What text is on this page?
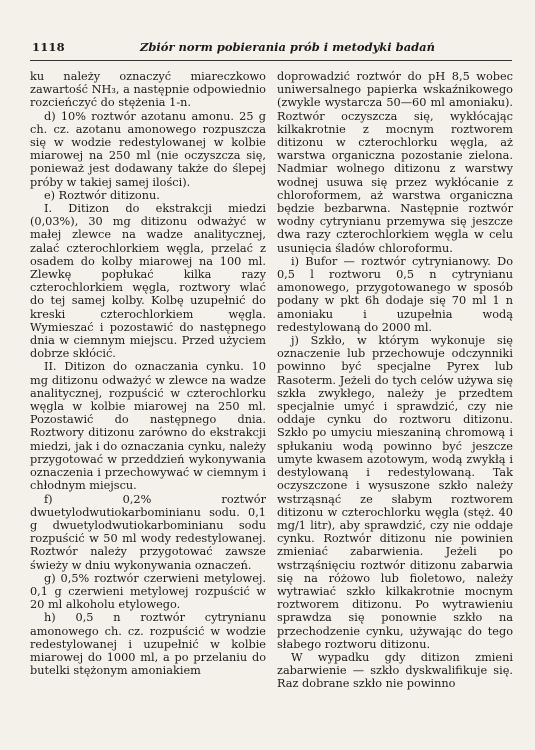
1118	Zbiór norm pobierania prób i metodyki badań

ku należy oznaczyć miareczkowo zawartość NH₃, a następnie odpowiednio rozcieńczyć do stężenia 1-n.

d) 10% roztwór azotanu amonu. 25 g ch. cz. azotanu amonowego rozpuszcza się w wodzie redestylowanej w kolbie miarowej na 250 ml (nie oczyszcza się, ponieważ jest dodawany także do ślepej próby w takiej samej ilości).

e) Roztwór ditizonu.

I. Ditizon do ekstrakcji miedzi (0,03%), 30 mg ditizonu odważyć w małej zlewce na wadze analitycznej, zalać czterochlorkiem węgla, przelać z osadem do kolby miarowej na 100 ml. Zlewkę popłukać kilka razy czterochlorkiem węgla, roztwory wlać do tej samej kolby. Kolbę uzupełnić do kreski czterochlorkiem węgla. Wymieszać i pozostawić do następnego dnia w ciemnym miejscu. Przed użyciem dobrze skłócić.

II. Ditizon do oznaczania cynku. 10 mg ditizonu odważyć w zlewce na wadze analitycznej, rozpuścić w czterochlorku węgla w kolbie miarowej na 250 ml. Pozostawić do następnego dnia. Roztwory ditizonu zarówno do ekstrakcji miedzi, jak i do oznaczania cynku, należy przygotować w przeddzień wykonywania oznaczenia i przechowywać w ciemnym i chłodnym miejscu.

f) 0,2% roztwór dwuetylodwutiokarbominianu sodu. 0,1 g dwuetylodwutiokarbominianu sodu rozpuścić w 50 ml wody redestylowanej. Roztwór należy przygotować zawsze świeży w dniu wykonywania oznaczeń.

g) 0,5% roztwór czerwieni metylowej. 0,1 g czerwieni metylowej rozpuścić w 20 ml alkoholu etylowego.

h) 0,5 n roztwór cytrynianu amonowego ch. cz. rozpuścić w wodzie redestylowanej i uzupełnić w kolbie miarowej do 1000 ml, a po przelaniu do butelki stężonym amoniakiem

doprowadzić roztwór do pH 8,5 wobec uniwersalnego papierka wskaźnikowego (zwykle wystarcza 50—60 ml amoniaku). Roztwór oczyszcza się, wykłócając kilkakrotnie z mocnym roztworem ditizonu w czterochlorku węgla, aż warstwa organiczna pozostanie zielona. Nadmiar wolnego ditizonu z warstwy wodnej usuwa się przez wykłócanie z chloroformem, aż warstwa organiczna będzie bezbarwna. Następnie roztwór wodny cytrynianu przemywa się jeszcze dwa razy czterochlorkiem węgla w celu usunięcia śladów chloroformu.

i) Bufor — roztwór cytrynianowy. Do 0,5 l roztworu 0,5 n cytrynianu amonowego, przygotowanego w sposób podany w pkt 6h dodaje się 70 ml 1 n amoniaku i uzupełnia wodą redestylowaną do 2000 ml.

j) Szkło, w którym wykonuje się oznaczenie lub przechowuje odczynniki powinno być specjalne Pyrex lub Rasoterm. Jeżeli do tych celów używa się szkła zwykłego, należy je przedtem specjalnie umyć i sprawdzić, czy nie oddaje cynku do roztworu ditizonu. Szkło po umyciu mieszaniną chromową i spłukaniu wodą powinno być jeszcze umyte kwasem azotowym, wodą zwykłą i destylowaną i redestylowaną. Tak oczyszczone i wysuszone szkło należy wstrząsnąć ze słabym roztworem ditizonu w czterochlorku węgla (stęż. 40 mg/1 litr), aby sprawdzić, czy nie oddaje cynku. Roztwór ditizonu nie powinien zmieniać zabarwienia. Jeżeli po wstrząśnięciu roztwór ditizonu zabarwia się na różowo lub fioletowo, należy wytrawiać szkło kilkakrotnie mocnym roztworem ditizonu. Po wytrawieniu sprawdza się ponownie szkło na przechodzenie cynku, używając do tego słabego roztworu ditizonu.

W wypadku gdy ditizon zmieni zabarwienie — szkło dyskwalifikuje się. Raz dobrane szkło nie powinno
